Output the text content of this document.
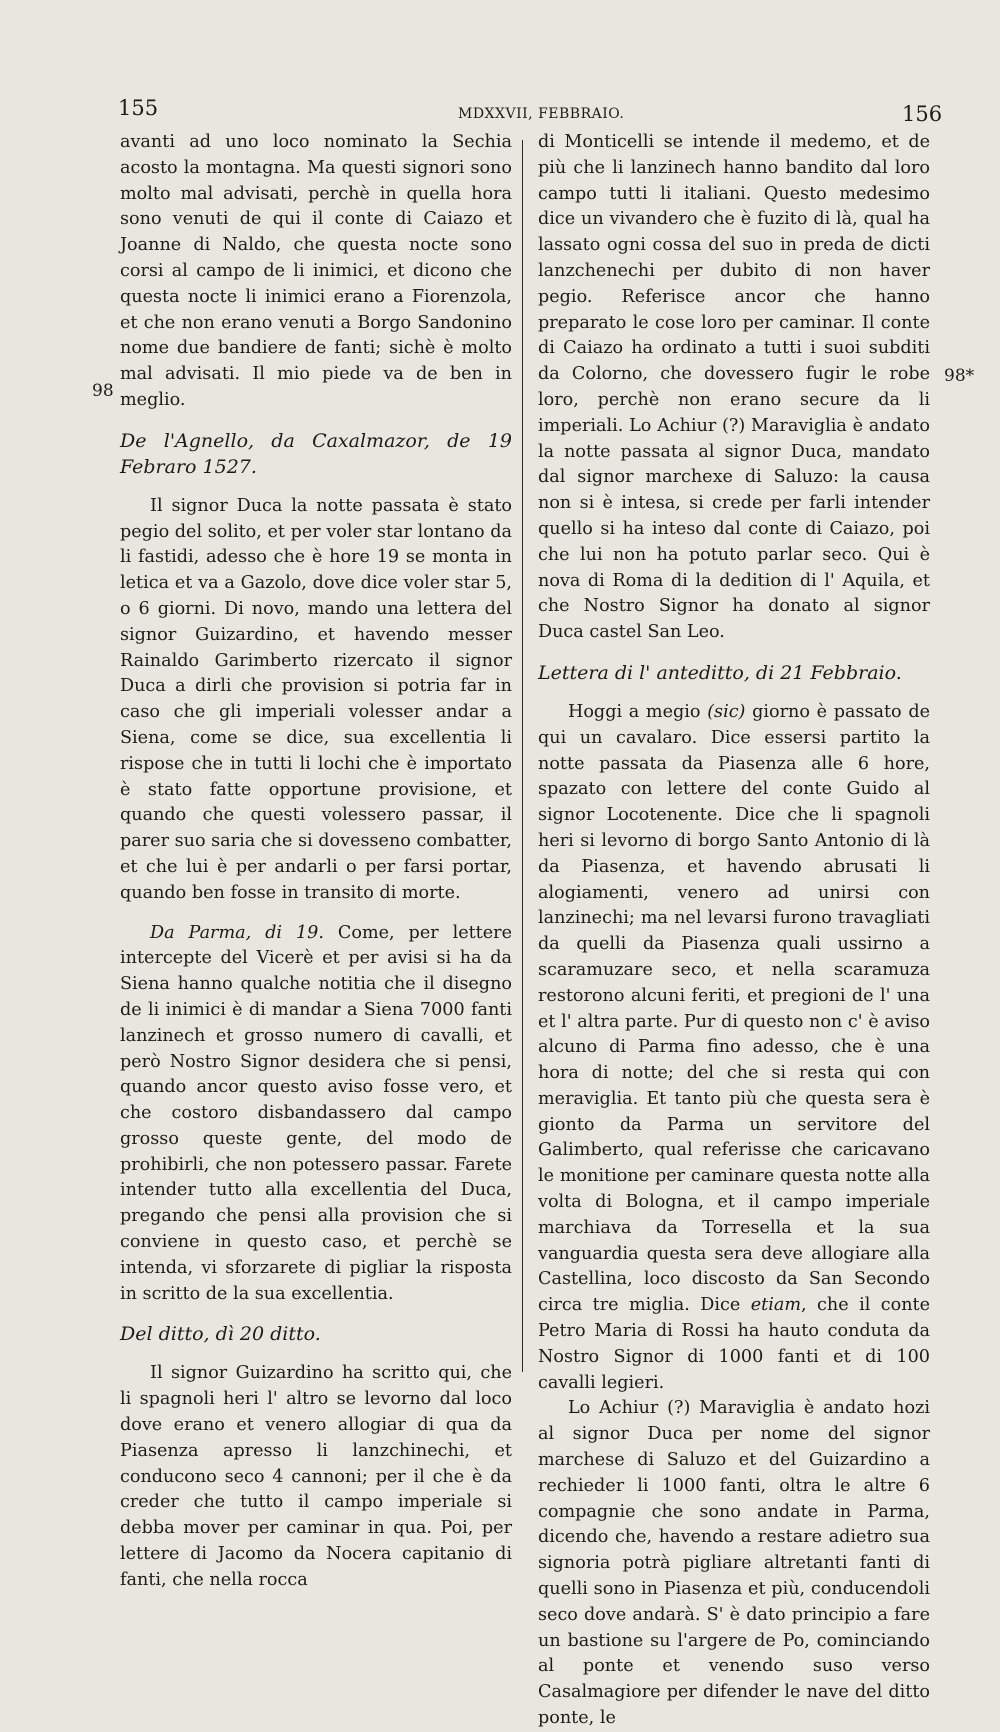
155	MDXXVII, FEBBRAIO.	156
98
98*

avanti ad uno loco nominato la Sechia acosto la montagna. Ma questi signori sono molto mal advisati, perchè in quella hora sono venuti de qui il conte di Caiazo et Joanne di Naldo, che questa nocte sono corsi al campo de li inimici, et dicono che questa nocte li inimici erano a Fiorenzola, et che non erano venuti a Borgo Sandonino nome due bandiere de fanti; sichè è molto mal advisati. Il mio piede va de ben in meglio.

De l'Agnello, da Caxalmazor, de 19 Febraro 1527.

Il signor Duca la notte passata è stato pegio del solito, et per voler star lontano da li fastidi, adesso che è hore 19 se monta in letica et va a Gazolo, dove dice voler star 5, o 6 giorni. Di novo, mando una lettera del signor Guizardino, et havendo messer Rainaldo Garimberto rizercato il signor Duca a dirli che provision si potria far in caso che gli imperiali volesser andar a Siena, come se dice, sua excellentia li rispose che in tutti li lochi che è importato è stato fatte opportune provisione, et quando che questi volessero passar, il parer suo saria che si dovesseno combatter, et che lui è per andarli o per farsi portar, quando ben fosse in transito di morte.

Da Parma, di 19. Come, per lettere intercepte del Vicerè et per avisi si ha da Siena hanno qualche notitia che il disegno de li inimici è di mandar a Siena 7000 fanti lanzinech et grosso numero di cavalli, et però Nostro Signor desidera che si pensi, quando ancor questo aviso fosse vero, et che costoro disbandassero dal campo grosso queste gente, del modo de prohibirli, che non potessero passar. Farete intender tutto alla excellentia del Duca, pregando che pensi alla provision che si conviene in questo caso, et perchè se intenda, vi sforzarete di pigliar la risposta in scritto de la sua excellentia.

Del ditto, dì 20 ditto.

Il signor Guizardino ha scritto qui, che li spagnoli heri l' altro se levorno dal loco dove erano et venero allogiar di qua da Piasenza apresso li lanzchinechi, et conducono seco 4 cannoni; per il che è da creder che tutto il campo imperiale si debba mover per caminar in qua. Poi, per lettere di Jacomo da Nocera capitanio di fanti, che nella rocca

di Monticelli se intende il medemo, et de più che li lanzinech hanno bandito dal loro campo tutti li italiani. Questo medesimo dice un vivandero che è fuzito di là, qual ha lassato ogni cossa del suo in preda de dicti lanzchenechi per dubito di non haver pegio. Referisce ancor che hanno preparato le cose loro per caminar. Il conte di Caiazo ha ordinato a tutti i suoi subditi da Colorno, che dovessero fugir le robe loro, perchè non erano secure da li imperiali. Lo Achiur (?) Maraviglia è andato la notte passata al signor Duca, mandato dal signor marchexe di Saluzo: la causa non si è intesa, si crede per farli intender quello si ha inteso dal conte di Caiazo, poi che lui non ha potuto parlar seco. Qui è nova di Roma di la dedition di l' Aquila, et che Nostro Signor ha donato al signor Duca castel San Leo.

Lettera di l' antedittо, di 21 Febbraio.

Hoggi a megio (sic) giorno è passato de qui un cavalaro. Dice essersi partito la notte passata da Piasenza alle 6 hore, spazato con lettere del conte Guido al signor Locotenente. Dice che li spagnoli heri si levorno di borgo Santo Antonio di là da Piasenza, et havendo abrusati li alogiamenti, venero ad unirsi con lanzinechi; ma nel levarsi furono travagliati da quelli da Piasenza quali ussirno a scaramuzare seco, et nella scaramuza restorono alcuni feriti, et pregioni de l' una et l' altra parte. Pur di questo non c' è aviso alcuno di Parma fino adesso, che è una hora di notte; del che si resta qui con meraviglia. Et tanto più che questa sera è gionto da Parma un servitore del Galimberto, qual referisse che caricavano le monitione per caminare questa notte alla volta di Bologna, et il campo imperiale marchiava da Torresella et la sua vanguardia questa sera deve allogiare alla Castellina, loco discosto da San Secondo circa tre miglia. Dice etiam, che il conte Petro Maria di Rossi ha hauto conduta da Nostro Signor di 1000 fanti et di 100 cavalli legieri.

Lo Achiur (?) Maraviglia è andato hozi al signor Duca per nome del signor marchese di Saluzo et del Guizardino a rechieder li 1000 fanti, oltra le altre 6 compagnie che sono andate in Parma, dicendo che, havendo a restare adietro sua signoria potrà pigliare altretanti fanti di quelli sono in Piasenza et più, conducendoli seco dove andarà. S' è dato principio a fare un bastione su l'argere de Po, cominciando al ponte et venendo suso verso Casalmagiore per difender le nave del ditto ponte, le
